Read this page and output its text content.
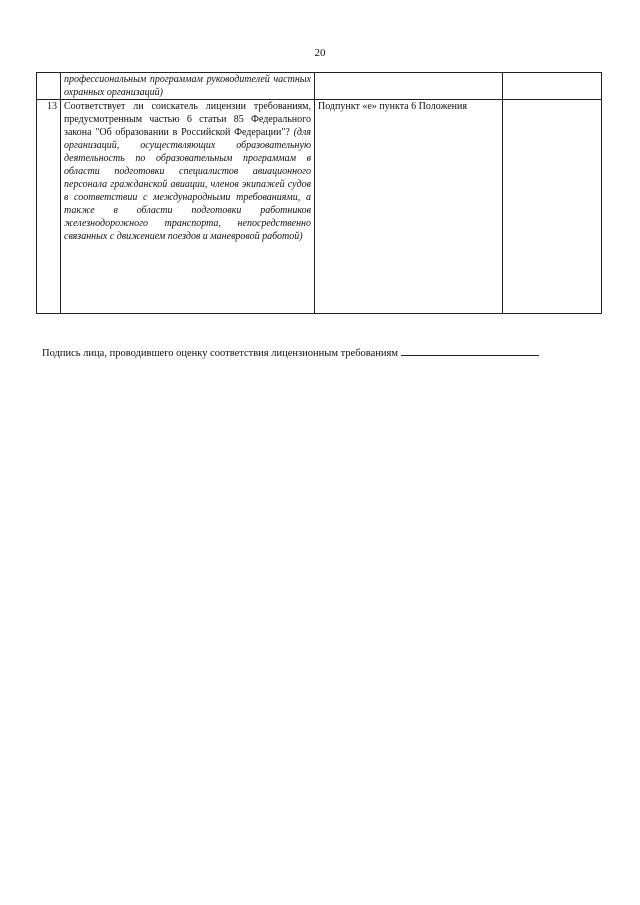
20
	профессиональным программам руководителей частных охранных организаций)		
13	Соответствует ли соискатель лицензии требованиям, предусмотренным частью 6 статьи 85 Федерального закона "Об образовании в Российской Федерации"? (для организаций, осуществляющих образовательную деятельность по образовательным программам в области подготовки специалистов авиационного персонала гражданской авиации, членов экипажей судов в соответствии с международными требованиями, а также в области подготовки работников железнодорожного транспорта, непосредственно связанных с движением поездов и маневровой работой)	Подпункт «е» пункта 6 Положения	
Подпись лица, проводившего оценку соответствия лицензионным требованиям
